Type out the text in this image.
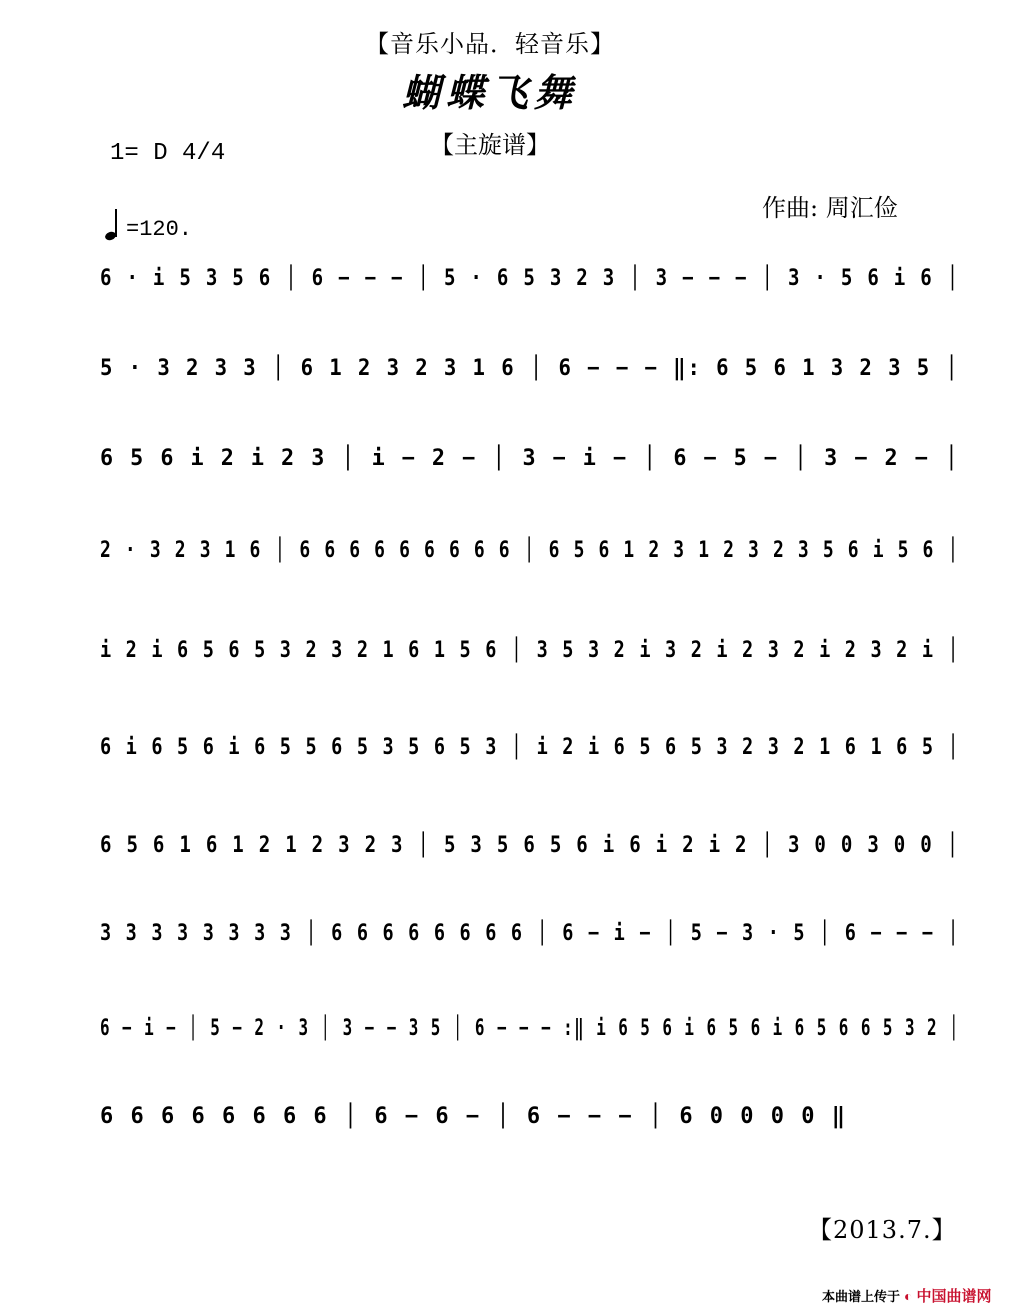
【音乐小品．轻音乐】
蝴蝶飞舞
【主旋谱】
1= D 4/4
作曲: 周汇俭
=120.
6 · i 5 3 5 6 │ 6 − − − │ 5 · 6 5 3 2 3 │ 3 − − − │ 3 · 5 6 i 6 │
5 · 3 2 3 3 │ 6 1 2 3 2 3 1 6 │ 6 − − − ‖: 6 5 6 1 3 2 3 5 │
6 5 6 i 2 i 2 3 │ i − 2 − │ 3 − i − │ 6 − 5 − │ 3 − 2 − │
2 · 3 2 3 1 6 │ 6 6 6 6 6 6 6 6 6 │ 6 5 6 1 2 3 1 2 3 2 3 5 6 i 5 6 │
i 2 i 6 5 6 5 3 2 3 2 1 6 1 5 6 │ 3 5 3 2 i 3 2 i 2 3 2 i 2 3 2 i │
6 i 6 5 6 i 6 5 5 6 5 3 5 6 5 3 │ i 2 i 6 5 6 5 3 2 3 2 1 6 1 6 5 │
6 5 6 1 6 1 2 1 2 3 2 3 │ 5 3 5 6 5 6 i 6 i 2 i 2 │ 3 0 0 3 0 0 │
3 3 3 3 3 3 3 3 │ 6 6 6 6 6 6 6 6 │ 6 − i − │ 5 − 3 · 5 │ 6 − − − │
6 − i − │ 5 − 2 · 3 │ 3 − − 3 5 │ 6 − − − :‖ i 6 5 6 i 6 5 6 i 6 5 6 6 5 3 2 │
6 6 6 6 6 6 6 6 │ 6 − 6 − │ 6 − − − │ 6 0 0 0 0 ‖
【2013.7.】
本曲谱上传于 ◐ 中国曲谱网
